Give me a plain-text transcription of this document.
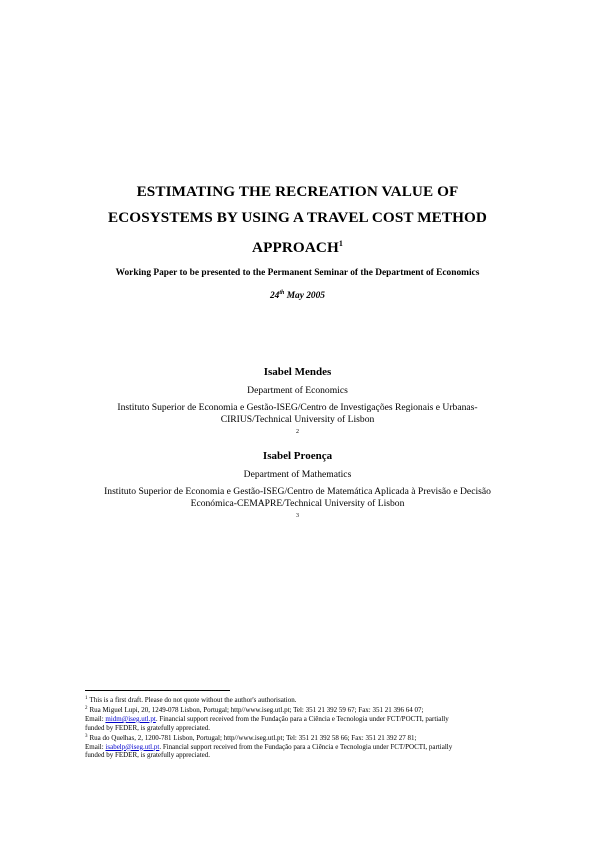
ESTIMATING THE RECREATION VALUE OF
ECOSYSTEMS BY USING A TRAVEL COST METHOD
APPROACH$^1$
Working Paper to be presented to the Permanent Seminar of the Department of Economics
24th May 2005
Isabel Mendes
Department of Economics
Instituto Superior de Economia e Gestão-ISEG/Centro de Investigações Regionais e Urbanas-
CIRIUS/Technical University of Lisbon
$^2$
Isabel Proença
Department of Mathematics
Instituto Superior de Economia e Gestão-ISEG/Centro de Matemática Aplicada à Previsão e Decisão
Económica-CEMAPRE/Technical University of Lisbon
$^3$
$^1$ This is a first draft. Please do not quote without the author's authorisation.
$^2$ Rua Miguel Lupi, 20, 1249-078 Lisbon, Portugal; http//www.iseg.utl.pt; Tel: 351 21 392 59 67; Fax: 351 21 396 64 07;
Email: midm@iseg.utl.pt. Financial support received from the Fundação para a Ciência e Tecnologia under FCT/POCTI, partially
funded by FEDER, is gratefully appreciated.
$^3$ Rua do Quelhas, 2, 1200-781 Lisbon, Portugal; http//www.iseg.utl.pt; Tel: 351 21 392 58 66; Fax: 351 21 392 27 81;
Email: isabelp@iseg.utl.pt. Financial support received from the Fundação para a Ciência e Tecnologia under FCT/POCTI, partially
funded by FEDER, is gratefully appreciated.
